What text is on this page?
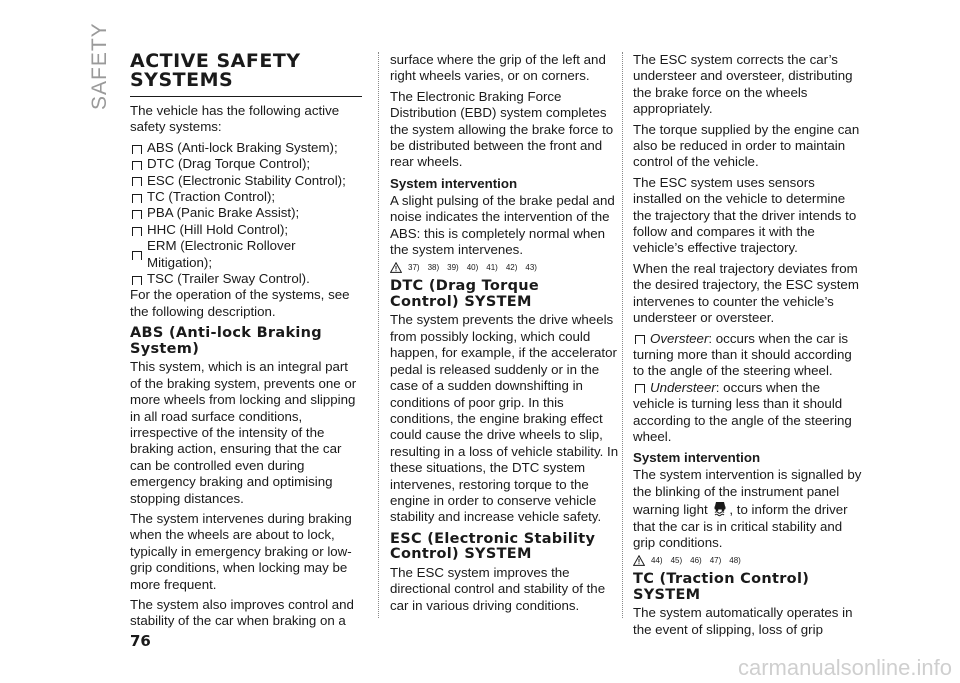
SAFETY ACTIVE SAFETY
SYSTEMS

The vehicle has the following active safety systems:

ABS (Anti-lock Braking System);
DTC (Drag Torque Control);
ESC (Electronic Stability Control);
TC (Traction Control);
PBA (Panic Brake Assist);
HHC (Hill Hold Control);
ERM (Electronic Rollover Mitigation);
TSC (Trailer Sway Control).

For the operation of the systems, see the following description.

ABS (Anti-lock Braking
System)

This system, which is an integral part of the braking system, prevents one or more wheels from locking and slipping in all road surface conditions, irrespective of the intensity of the braking action, ensuring that the car can be controlled even during emergency braking and optimising stopping distances.

The system intervenes during braking when the wheels are about to lock, typically in emergency braking or low-grip conditions, when locking may be more frequent.

The system also improves control and stability of the car when braking on a

surface where the grip of the left and right wheels varies, or on corners.

The Electronic Braking Force Distribution (EBD) system completes the system allowing the brake force to be distributed between the front and rear wheels.

System intervention

A slight pulsing of the brake pedal and noise indicates the intervention of the ABS: this is completely normal when the system intervenes.

37) 38) 39) 40) 41) 42) 43)
DTC (Drag Torque
Control) SYSTEM

The system prevents the drive wheels from possibly locking, which could happen, for example, if the accelerator pedal is released suddenly or in the case of a sudden downshifting in conditions of poor grip. In this conditions, the engine braking effect could cause the drive wheels to slip, resulting in a loss of vehicle stability. In these situations, the DTC system intervenes, restoring torque to the engine in order to conserve vehicle stability and increase vehicle safety.

ESC (Electronic Stability
Control) SYSTEM

The ESC system improves the directional control and stability of the car in various driving conditions.

The ESC system corrects the car’s understeer and oversteer, distributing the brake force on the wheels appropriately.

The torque supplied by the engine can also be reduced in order to maintain control of the vehicle.

The ESC system uses sensors installed on the vehicle to determine the trajectory that the driver intends to follow and compares it with the vehicle’s effective trajectory.

When the real trajectory deviates from the desired trajectory, the ESC system intervenes to counter the vehicle’s understeer or oversteer.

Oversteer: occurs when the car is turning more than it should according to the angle of the steering wheel.

Understeer: occurs when the vehicle is turning less than it should according to the angle of the steering wheel.

System intervention

The system intervention is signalled by the blinking of the instrument panel warning light , to inform the driver that the car is in critical stability and grip conditions.

44) 45) 46) 47) 48)
TC (Traction Control)
SYSTEM

The system automatically operates in the event of slipping, loss of grip

76
carmanualsonline.info
